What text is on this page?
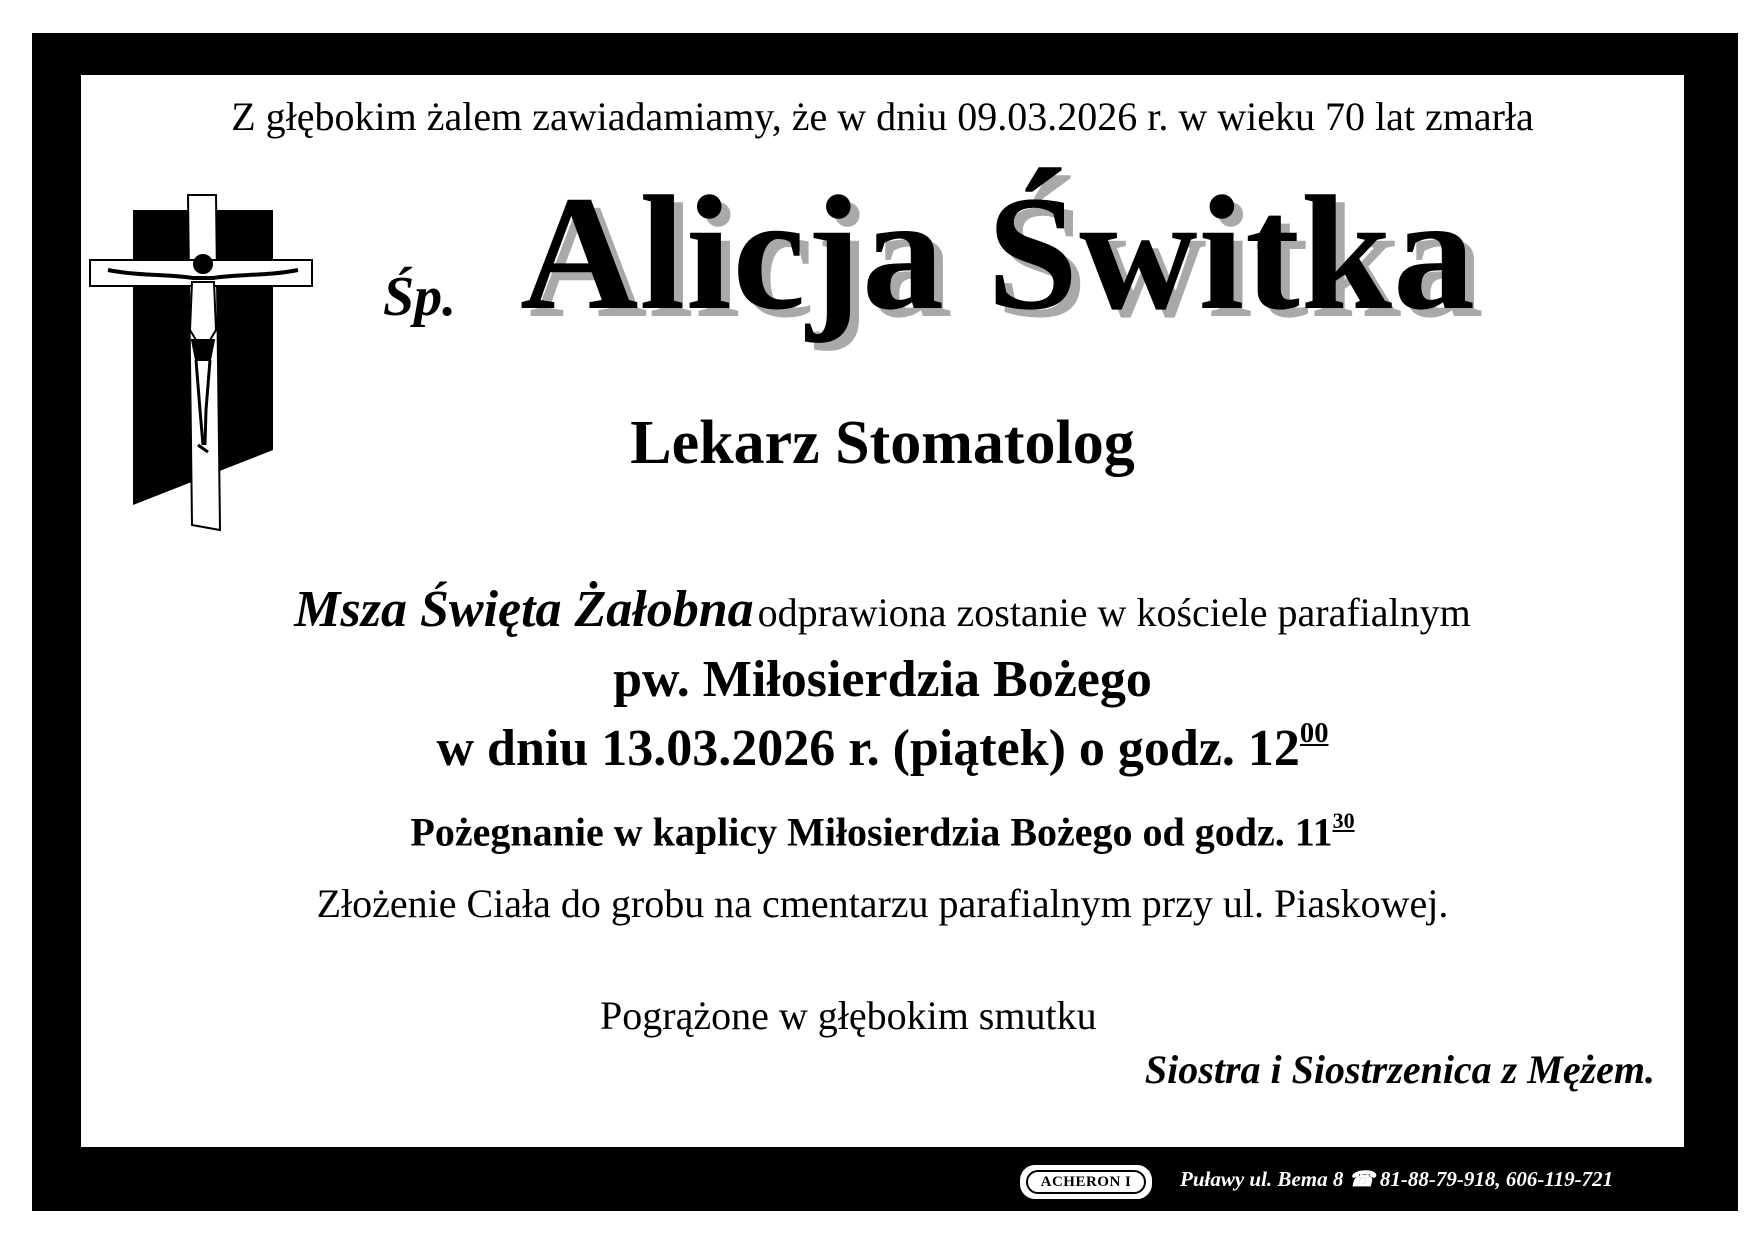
Z głębokim żalem zawiadamiamy, że w dniu 09.03.2026 r. w wieku 70 lat zmarła
Śp. Alicja Świtka
Lekarz Stomatolog
Msza Święta Żałobna odprawiona zostanie w kościele parafialnym
pw. Miłosierdzia Bożego
w dniu 13.03.2026 r. (piątek) o godz. $12^{00}$
Pożegnanie w kaplicy Miłosierdzia Bożego od godz. $11^{30}$
Złożenie Ciała do grobu na cmentarzu parafialnym przy ul. Piaskowej.
Pogrążone w głębokim smutku
Siostra i Siostrzenica z Mężem.
ACHERON I	Puławy ul. Bema 8 ☎ 81-88-79-918, 606-119-721
